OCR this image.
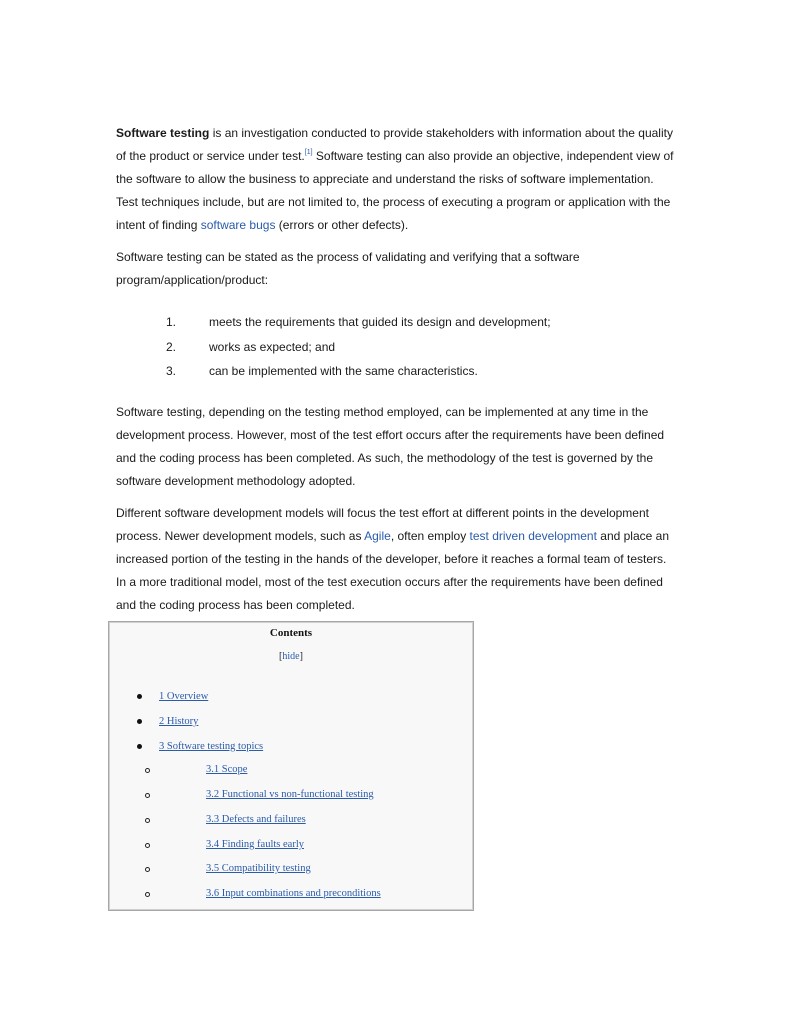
Software testing is an investigation conducted to provide stakeholders with information about the quality of the product or service under test.[1] Software testing can also provide an objective, independent view of the software to allow the business to appreciate and understand the risks of software implementation. Test techniques include, but are not limited to, the process of executing a program or application with the intent of finding software bugs (errors or other defects).

Software testing can be stated as the process of validating and verifying that a software program/application/product:

1.	meets the requirements that guided its design and development;
2.	works as expected; and
3.	can be implemented with the same characteristics.

Software testing, depending on the testing method employed, can be implemented at any time in the development process. However, most of the test effort occurs after the requirements have been defined and the coding process has been completed. As such, the methodology of the test is governed by the software development methodology adopted.

Different software development models will focus the test effort at different points in the development process. Newer development models, such as Agile, often employ test driven development and place an increased portion of the testing in the hands of the developer, before it reaches a formal team of testers. In a more traditional model, most of the test execution occurs after the requirements have been defined and the coding process has been completed.

Contents
[hide]
1 Overview
2 History
3 Software testing topics
3.1 Scope
3.2 Functional vs non-functional testing
3.3 Defects and failures
3.4 Finding faults early
3.5 Compatibility testing
3.6 Input combinations and preconditions
